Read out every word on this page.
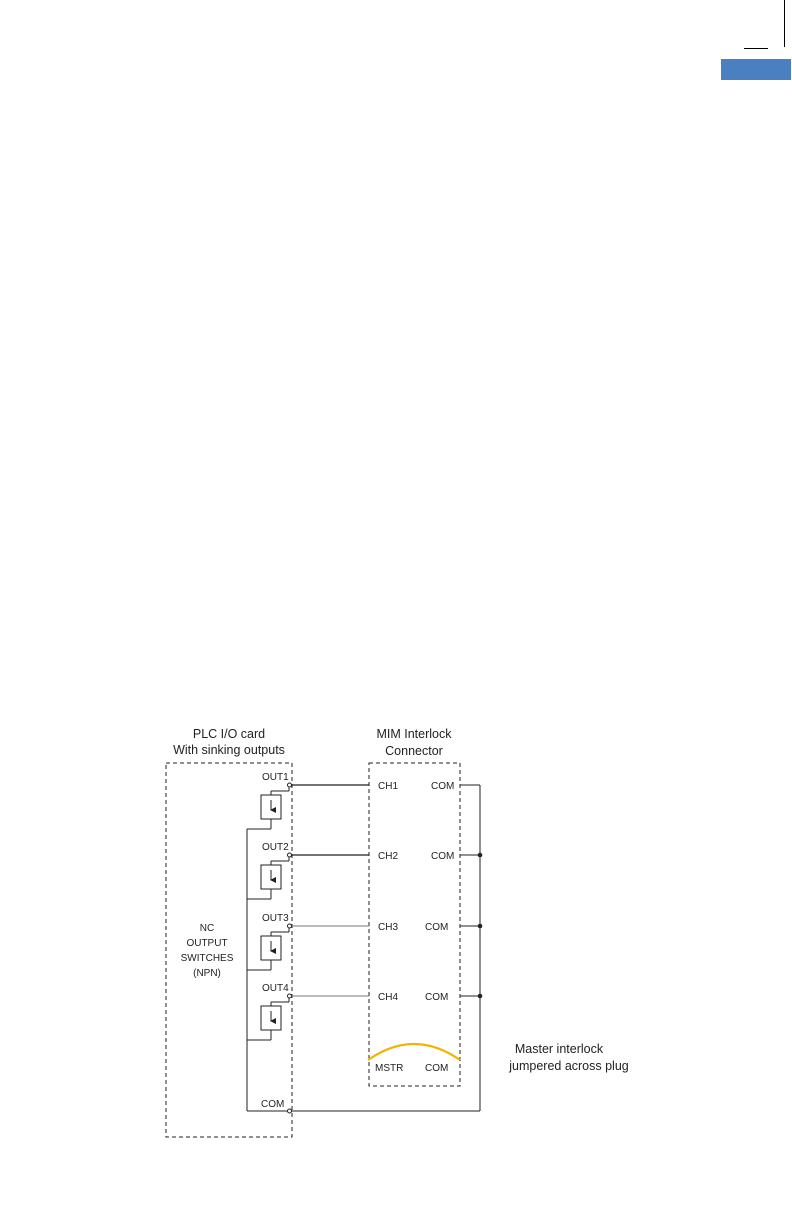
PLC I/O card
With sinking outputs
MIM Interlock
Connector
OUT1
OUT2
OUT3
OUT4
NC
OUTPUT
SWITCHES
(NPN)
COM
CH1
CH2
CH3
CH4
MSTR
COM
COM
COM
COM
COM
Master interlock
jumpered across plug
